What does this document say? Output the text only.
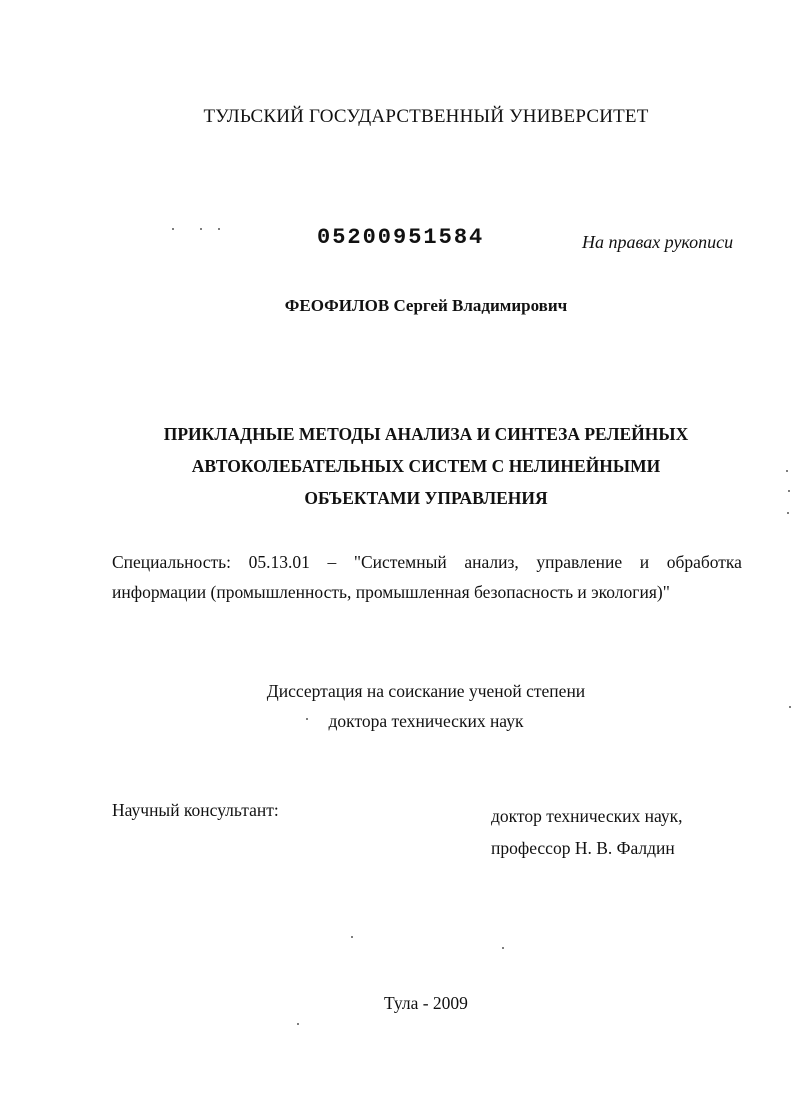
ТУЛЬСКИЙ ГОСУДАРСТВЕННЫЙ УНИВЕРСИТЕТ
05200951584	На правах рукописи
ФЕОФИЛОВ Сергей Владимирович
ПРИКЛАДНЫЕ МЕТОДЫ АНАЛИЗА И СИНТЕЗА РЕЛЕЙНЫХ
АВТОКОЛЕБАТЕЛЬНЫХ СИСТЕМ С НЕЛИНЕЙНЫМИ
ОБЪЕКТАМИ УПРАВЛЕНИЯ
Специальность: 05.13.01 – "Системный анализ, управление и обработка
информации (промышленность, промышленная безопасность и экология)"
Диссертация на соискание ученой степени
доктора технических наук
Научный консультант:	доктор технических наук,
профессор Н. В. Фалдин
Тула - 2009
